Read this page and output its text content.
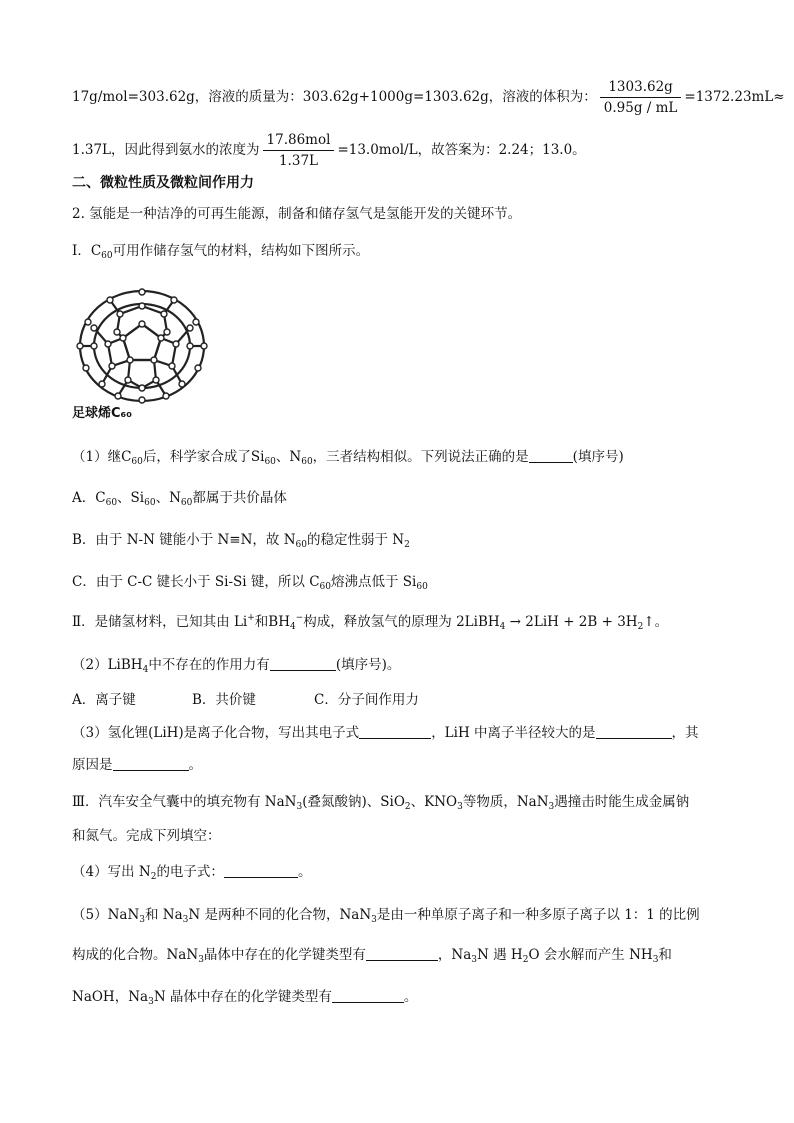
17g/mol=303.62g，溶液的质量为：303.62g+1000g=1303.62g，溶液的体积为： $\frac{1303.62g}{0.95g / mL} =1372.23mL\approx$
1.37L，因此得到氨水的浓度为 $\frac{\text{17.86mol}}{1.37L} =13.0mol/L$，故答案为：2.24；13.0。
二、微粒性质及微粒间作用力
2. 氢能是一种洁净的可再生能源，制备和储存氢气是氢能开发的关键环节。
Ⅰ．$C_{60}$可用作储存氢气的材料，结构如下图所示。
足球烯C₆₀
（1）继$C_{60}$后，科学家合成了$Si_{60}$、$N_{60}$，三者结构相似。下列说法正确的是	(填序号)
A．$C_{60}$、$Si_{60}$、$N_{60}$都属于共价晶体
B．由于 N-N 键能小于 N≡N，故 $N_{60}$的稳定性弱于 $N_2$
C．由于 C-C 键长小于 Si-Si 键，所以 $C_{60}$熔沸点低于 $Si_{60}$
Ⅱ．是储氢材料，已知其由 Li+和$BH_4^-$构成，释放氢气的原理为 2LiBH$_4$ → $2LiH + 2B + 3H_2↑$。
（2）LiBH$_4$中不存在的作用力有	(填序号)。
A．离子键	B．共价键	C．分子间作用力
（3）氢化锂(LiH)是离子化合物，写出其电子式	，LiH 中离子半径较大的是	，其
原因是	。
Ⅲ．汽车安全气囊中的填充物有 NaN$_3$(叠氮酸钠)、SiO$_2$、$KNO_3$等物质，NaN$_3$遇撞击时能生成金属钠
和氮气。完成下列填空：
（4）写出 $N_2$的电子式：	。
（5）NaN$_3$和 $Na_3N$ 是两种不同的化合物，NaN$_3$是由一种单原子离子和一种多原子离子以 1：1 的比例
构成的化合物。NaN$_3$晶体中存在的化学键类型有	，$Na_3N$ 遇 $H_2O$ 会水解而产生 $NH_3$和
NaOH，$Na_3N$ 晶体中存在的化学键类型有	。
